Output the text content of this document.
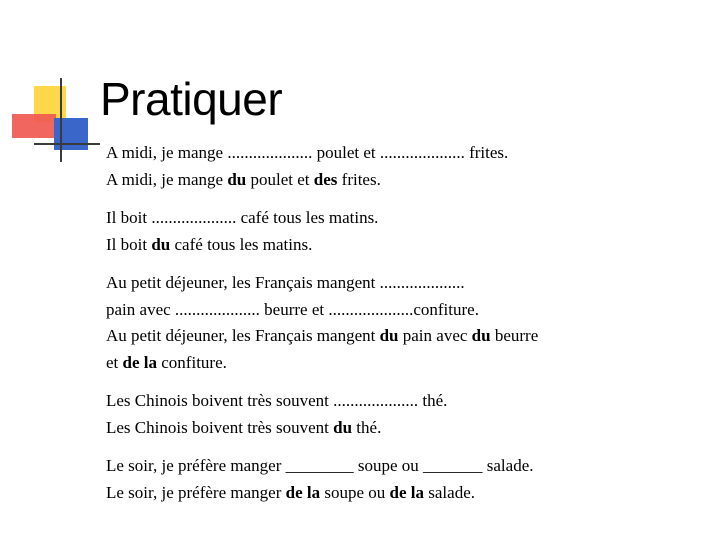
Pratiquer
A midi, je mange .................... poulet et .................... frites.
A midi, je mange du poulet et des frites.
Il boit .................... café tous les matins.
Il boit du café tous les matins.
Au petit déjeuner, les Français mangent ....................
pain avec .................... beurre et ....................confiture.
Au petit déjeuner, les Français mangent du pain avec du beurre
et de la confiture.
Les Chinois boivent très souvent .................... thé.
Les Chinois boivent très souvent du thé.
Le soir, je préfère manger ________ soupe ou _______ salade.
Le soir, je préfère manger de la soupe ou de la salade.
